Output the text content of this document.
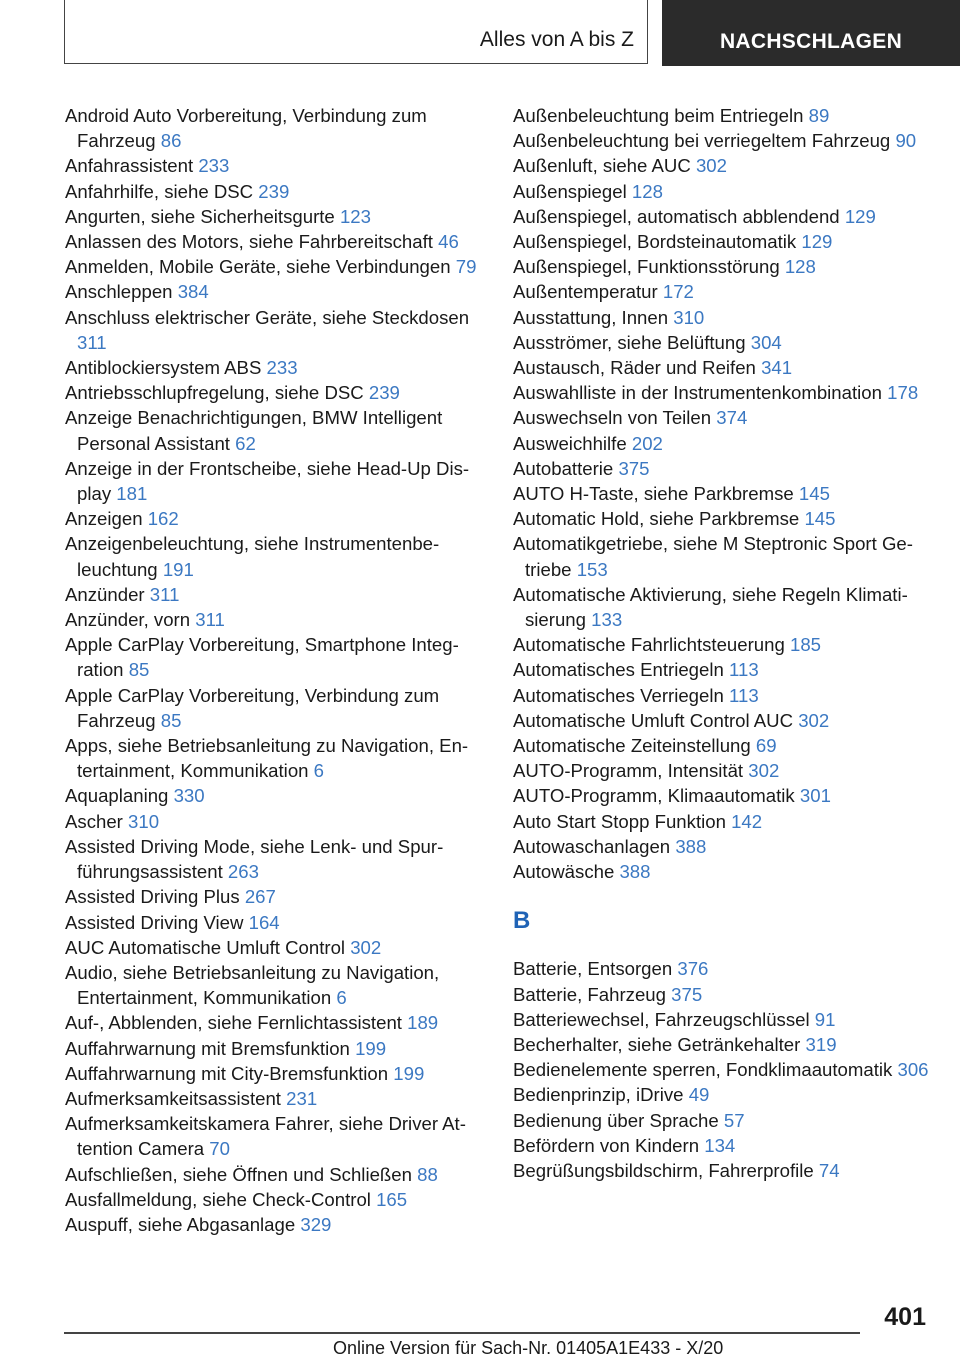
Alles von A bis Z	NACHSCHLAGEN
Android Auto Vorbereitung, Verbindung zum Fahrzeug 86
Anfahrassistent 233
Anfahrhilfe, siehe DSC 239
Angurten, siehe Sicherheitsgurte 123
Anlassen des Motors, siehe Fahrbereitschaft 46
Anmelden, Mobile Geräte, siehe Verbindungen 79
Anschleppen 384
Anschluss elektrischer Geräte, siehe Steckdosen 311
Antiblockiersystem ABS 233
Antriebsschlupfregelung, siehe DSC 239
Anzeige Benachrichtigungen, BMW Intelligent Personal Assistant 62
Anzeige in der Frontscheibe, siehe Head-Up Display 181
Anzeigen 162
Anzeigenbeleuchtung, siehe Instrumentenbeleuchtung 191
Anzünder 311
Anzünder, vorn 311
Apple CarPlay Vorbereitung, Smartphone Integration 85
Apple CarPlay Vorbereitung, Verbindung zum Fahrzeug 85
Apps, siehe Betriebsanleitung zu Navigation, Entertainment, Kommunikation 6
Aquaplaning 330
Ascher 310
Assisted Driving Mode, siehe Lenk- und Spurführungsassistent 263
Assisted Driving Plus 267
Assisted Driving View 164
AUC Automatische Umluft Control 302
Audio, siehe Betriebsanleitung zu Navigation, Entertainment, Kommunikation 6
Auf-, Abblenden, siehe Fernlichtassistent 189
Auffahrwarnung mit Bremsfunktion 199
Auffahrwarnung mit City-Bremsfunktion 199
Aufmerksamkeitsassistent 231
Aufmerksamkeitskamera Fahrer, siehe Driver Attention Camera 70
Aufschließen, siehe Öffnen und Schließen 88
Ausfallmeldung, siehe Check-Control 165
Auspuff, siehe Abgasanlage 329
Außenbeleuchtung beim Entriegeln 89
Außenbeleuchtung bei verriegeltem Fahrzeug 90
Außenluft, siehe AUC 302
Außenspiegel 128
Außenspiegel, automatisch abblendend 129
Außenspiegel, Bordsteinautomatik 129
Außenspiegel, Funktionsstörung 128
Außentemperatur 172
Ausstattung, Innen 310
Ausströmer, siehe Belüftung 304
Austausch, Räder und Reifen 341
Auswahlliste in der Instrumentenkombination 178
Auswechseln von Teilen 374
Ausweichhilfe 202
Autobatterie 375
AUTO H-Taste, siehe Parkbremse 145
Automatic Hold, siehe Parkbremse 145
Automatikgetriebe, siehe M Steptronic Sport Getriebe 153
Automatische Aktivierung, siehe Regeln Klimatisierung 133
Automatische Fahrlichtsteuerung 185
Automatisches Entriegeln 113
Automatisches Verriegeln 113
Automatische Umluft Control AUC 302
Automatische Zeiteinstellung 69
AUTO-Programm, Intensität 302
AUTO-Programm, Klimaautomatik 301
Auto Start Stopp Funktion 142
Autowaschanlagen 388
Autowäsche 388
B
Batterie, Entsorgen 376
Batterie, Fahrzeug 375
Batteriewechsel, Fahrzeugschlüssel 91
Becherhalter, siehe Getränkehalter 319
Bedienelemente sperren, Fondklimaautomatik 306
Bedienprinzip, iDrive 49
Bedienung über Sprache 57
Befördern von Kindern 134
Begrüßungsbildschirm, Fahrerprofile 74
401
Online Version für Sach-Nr. 01405A1E433 - X/20
